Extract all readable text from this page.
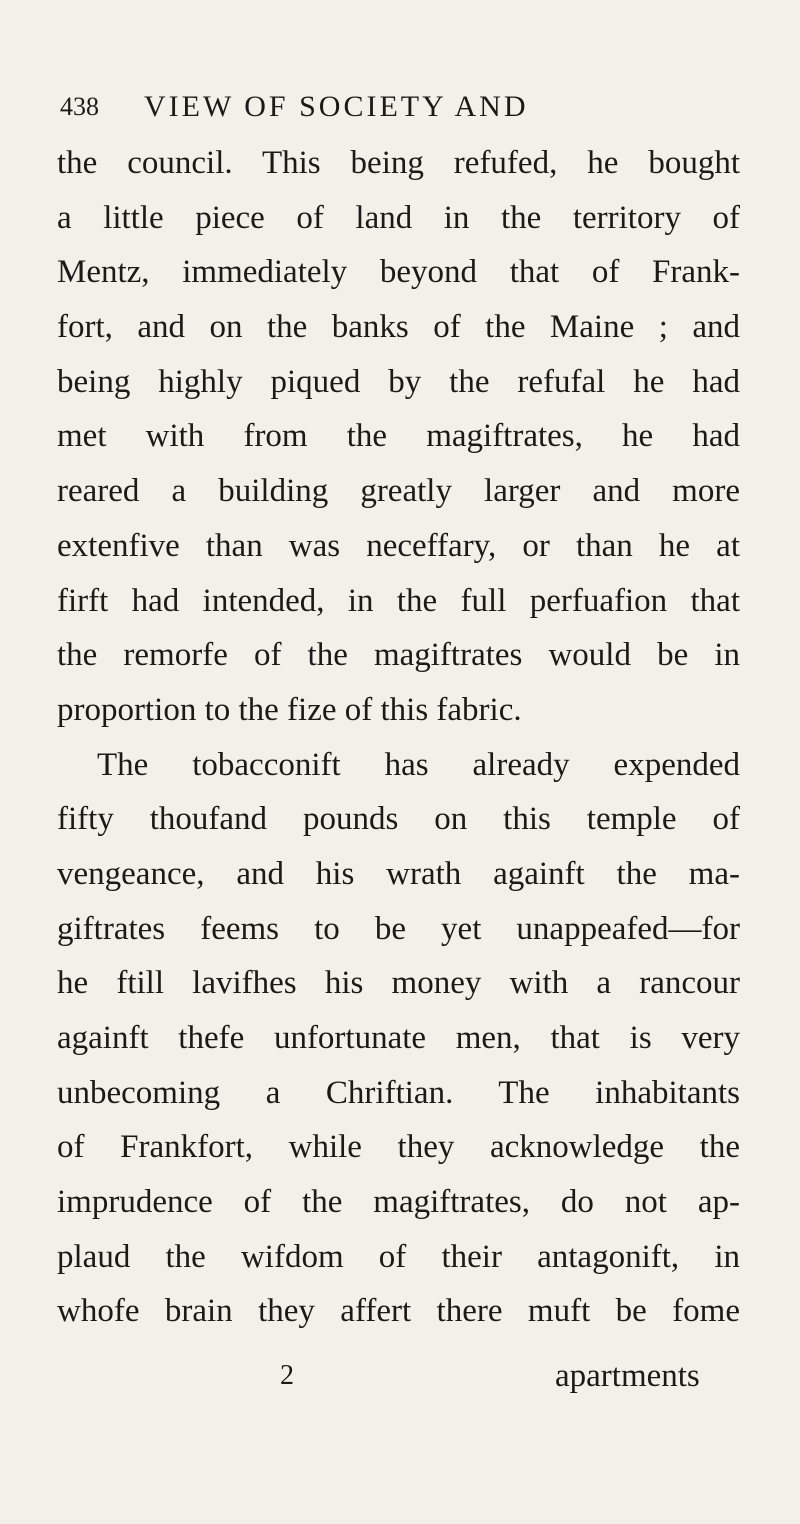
438 VIEW OF SOCIETY AND
the council. This being refufed, he bought
a little piece of land in the territory of
Mentz, immediately beyond that of Frank-
fort, and on the banks of the Maine ; and
being highly piqued by the refufal he had
met with from the magiftrates, he had
reared a building greatly larger and more
extenfive than was neceffary, or than he at
firft had intended, in the full perfuafion that
the remorfe of the magiftrates would be in
proportion to the fize of this fabric.
The tobacconift has already expended
fifty thoufand pounds on this temple of
vengeance, and his wrath againft the ma-
giftrates feems to be yet unappeafed—for
he ftill lavifhes his money with a rancour
againft thefe unfortunate men, that is very
unbecoming a Chriftian. The inhabitants
of Frankfort, while they acknowledge the
imprudence of the magiftrates, do not ap-
plaud the wifdom of their antagonift, in
whofe brain they affert there muft be fome
2	apartments
